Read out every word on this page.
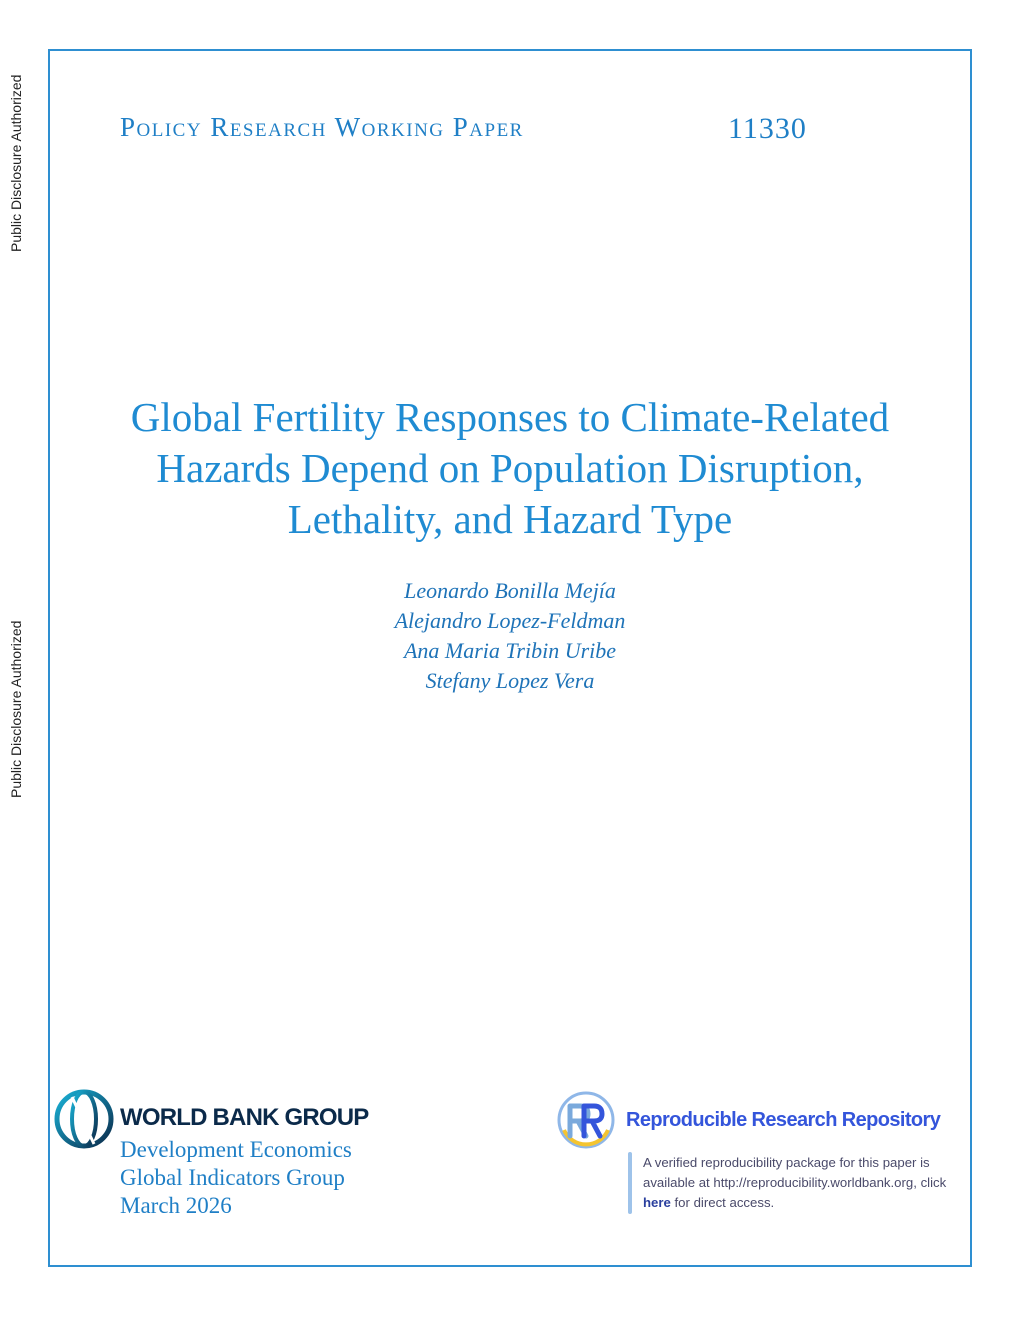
Public Disclosure Authorized
Public Disclosure Authorized
Policy Research Working Paper	11330
Global Fertility Responses to Climate-Related
Hazards Depend on Population Disruption,
Lethality, and Hazard Type
Leonardo Bonilla Mejía
Alejandro Lopez-Feldman
Ana Maria Tribin Uribe
Stefany Lopez Vera
WORLD BANK GROUP
Development Economics
Global Indicators Group
March 2026
Reproducible Research Repository
A verified reproducibility package for this paper is available at http://reproducibility.worldbank.org, click here for direct access.
